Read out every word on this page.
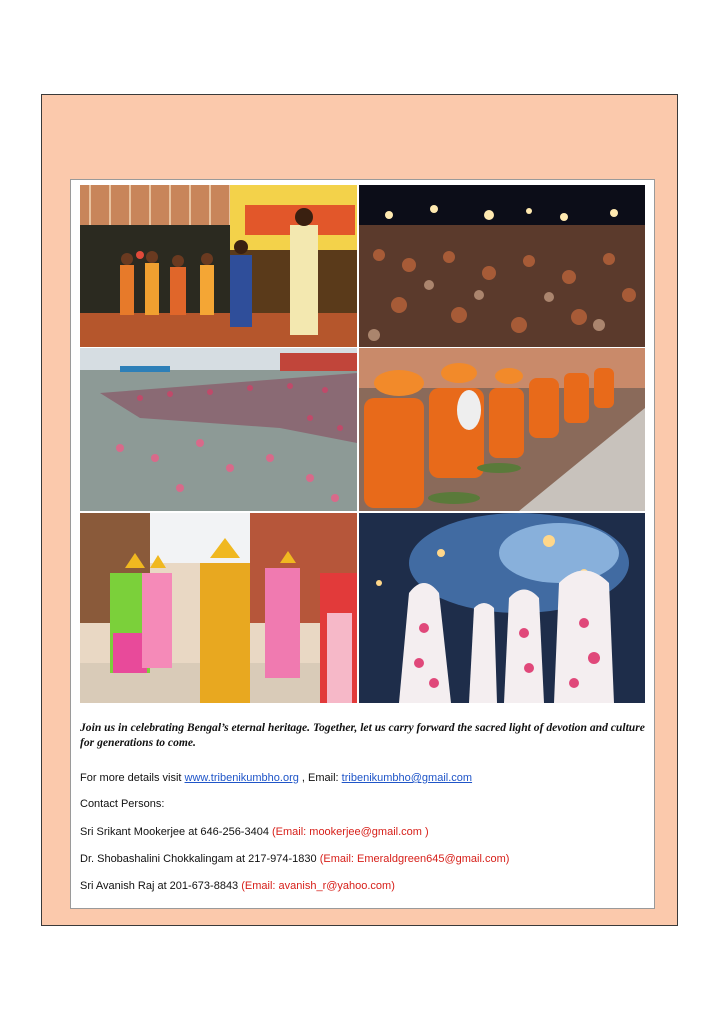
Join us in celebrating Bengal’s eternal heritage. Together, let us carry forward the sacred light of devotion and culture for generations to come.

For more details visit www.tribenikumbho.org , Email: tribenikumbho@gmail.com

Contact Persons:

Sri Srikant Mookerjee at 646-256-3404 (Email: mookerjee@gmail.com )

Dr. Shobashalini Chokkalingam at 217-974-1830 (Email: Emeraldgreen645@gmail.com)

Sri Avanish Raj at 201-673-8843 (Email: avanish_r@yahoo.com)
